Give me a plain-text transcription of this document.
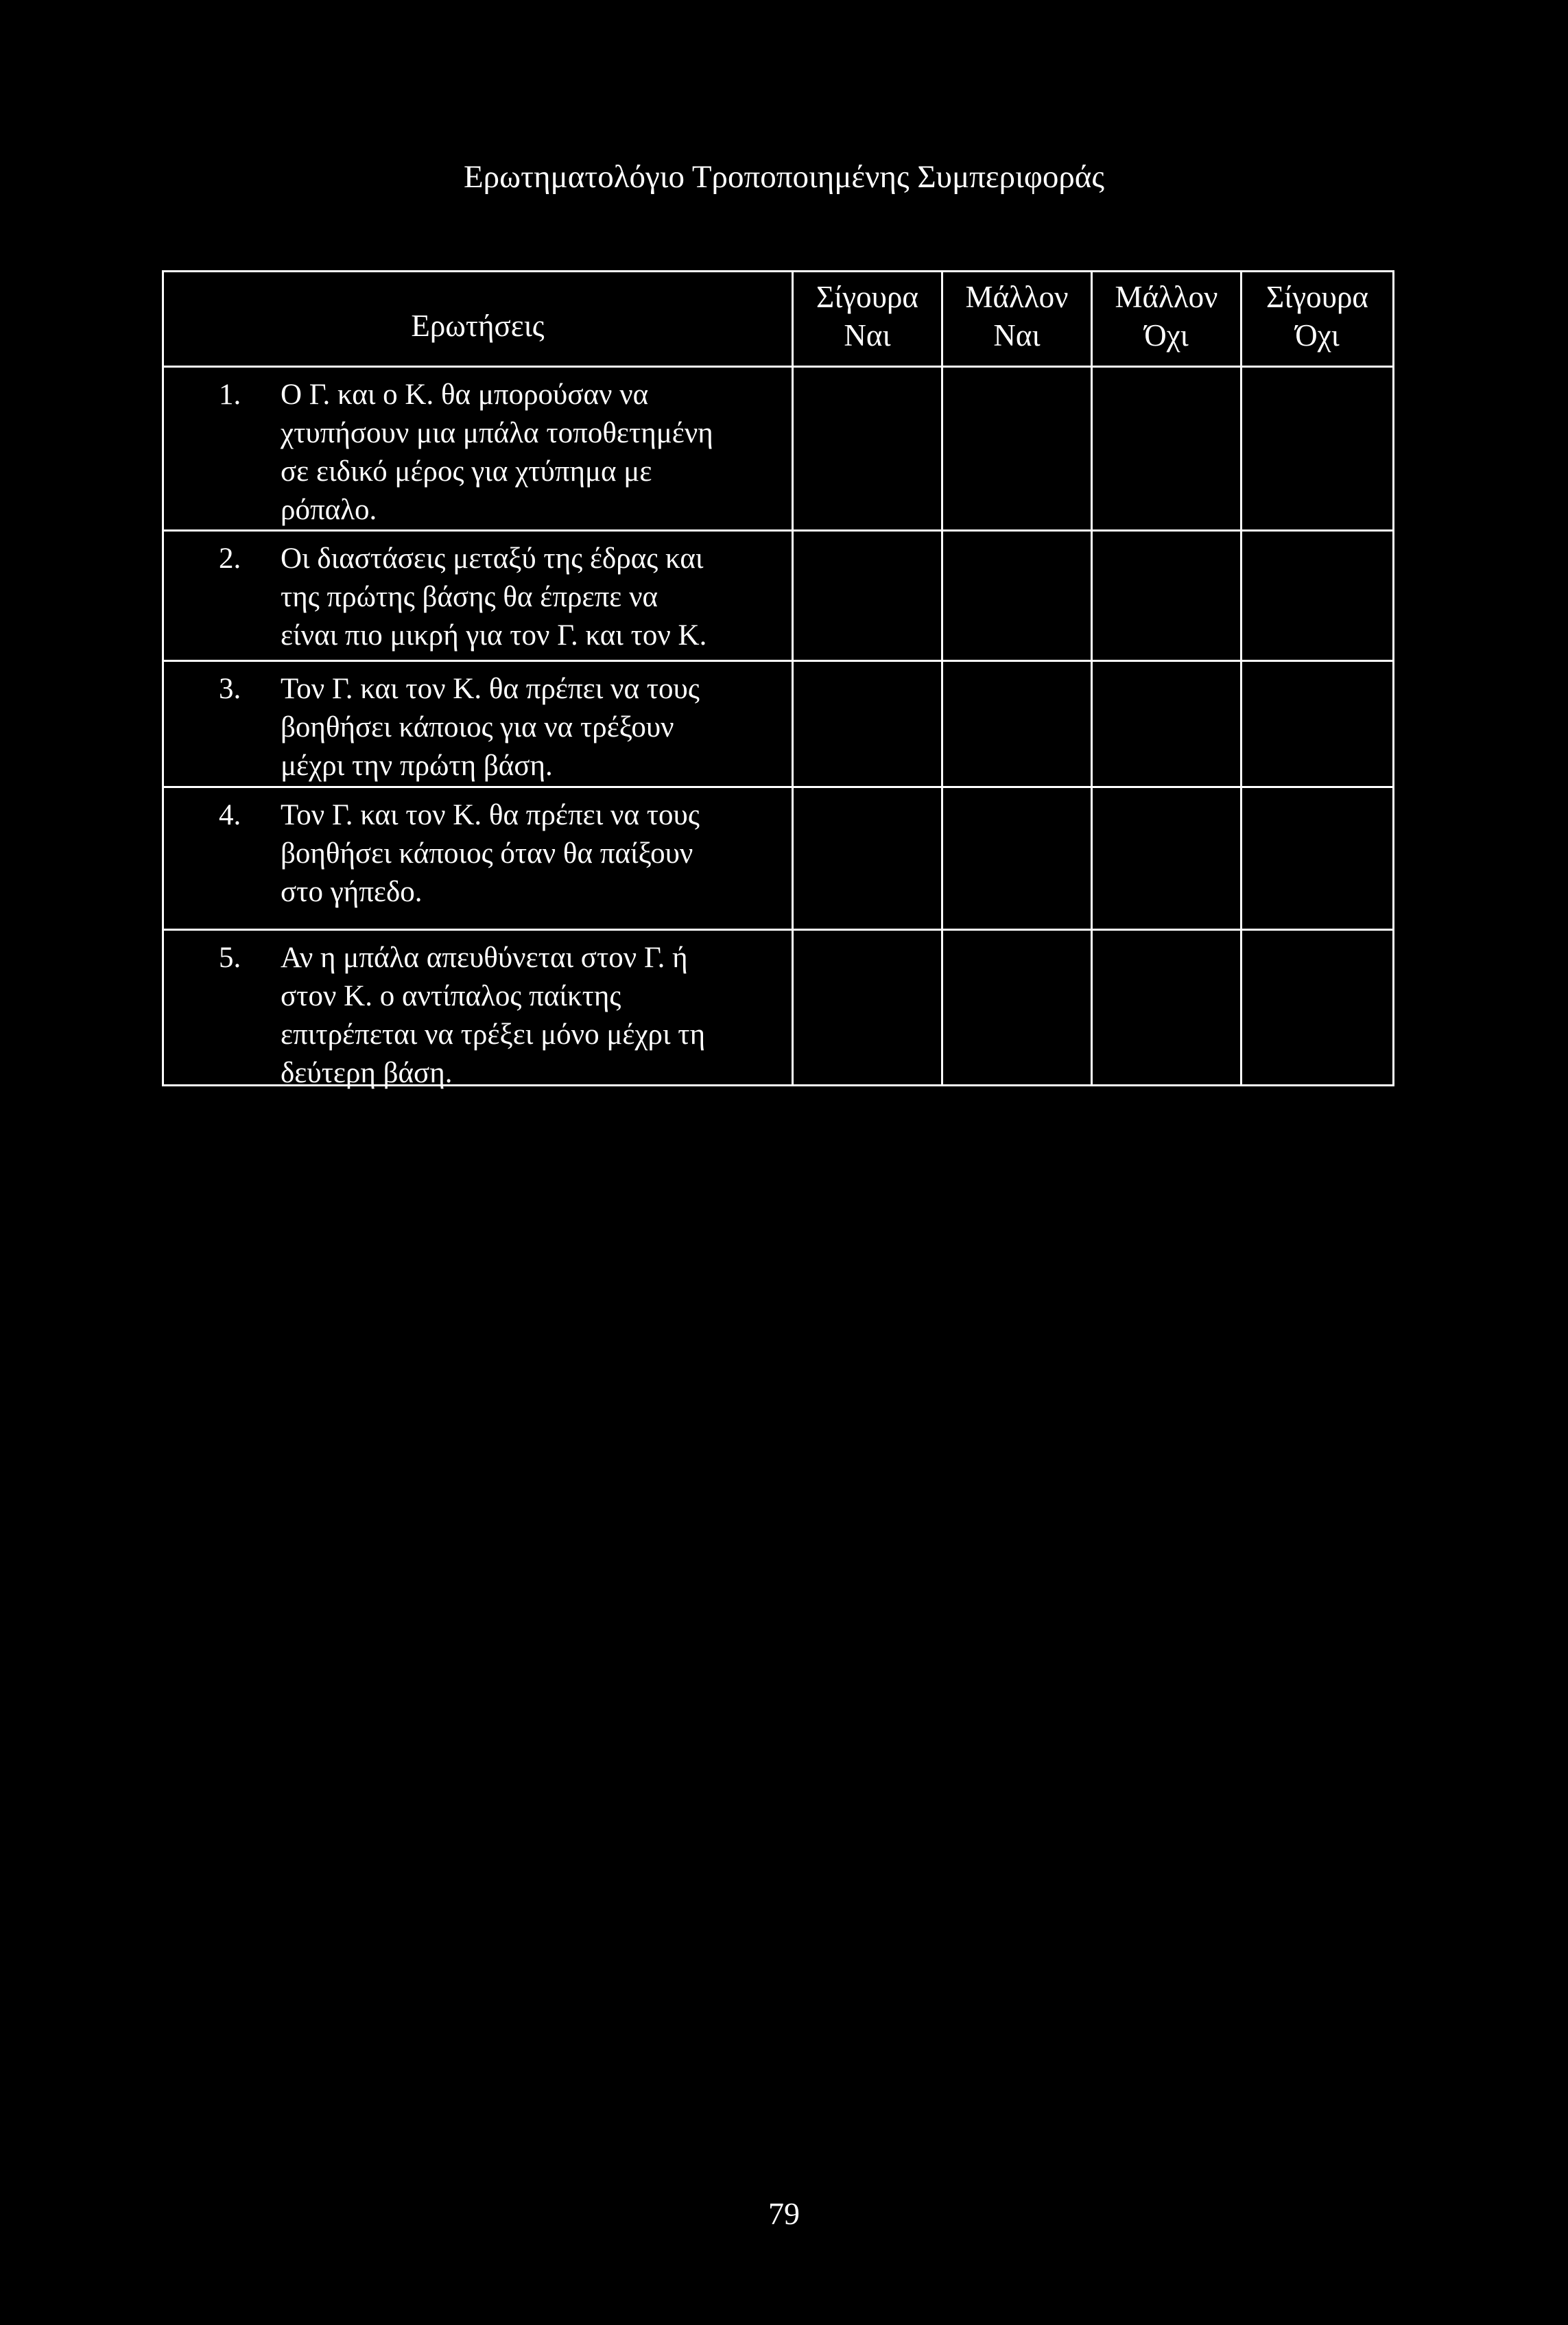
Ερωτηματολόγιο Τροποποιημένης Συμπεριφοράς
Ερωτήσεις
Σίγουρα
Ναι
Μάλλον
Ναι
Μάλλον
Όχι
Σίγουρα
Όχι
1. Ο Γ. και ο Κ. θα μπορούσαν να
χτυπήσουν μια μπάλα τοποθετημένη
σε ειδικό μέρος για χτύπημα με
ρόπαλο.
2. Οι διαστάσεις μεταξύ της έδρας και
της πρώτης βάσης θα έπρεπε να
είναι πιο μικρή για τον Γ. και τον Κ.
3. Τον Γ. και τον Κ. θα πρέπει να τους
βοηθήσει κάποιος για να τρέξουν
μέχρι την πρώτη βάση.
4. Τον Γ. και τον Κ. θα πρέπει να τους
βοηθήσει κάποιος όταν θα παίξουν
στο γήπεδο.
5. Αν η μπάλα απευθύνεται στον Γ. ή
στον Κ. ο αντίπαλος παίκτης
επιτρέπεται να τρέξει μόνο μέχρι τη
δεύτερη βάση.
79
